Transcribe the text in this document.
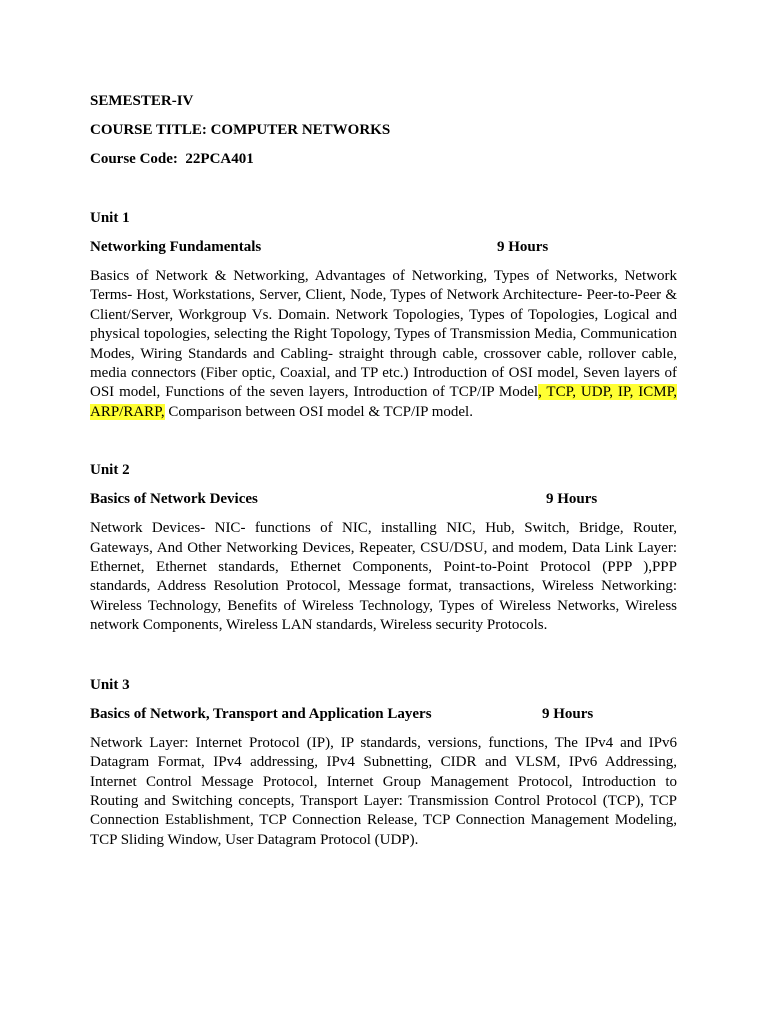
SEMESTER-IV

COURSE TITLE: COMPUTER NETWORKS

Course Code:  22PCA401

Unit 1

Networking Fundamentals	9 Hours

Basics of Network & Networking, Advantages of Networking, Types of Networks, Network Terms- Host, Workstations, Server, Client, Node, Types of Network Architecture- Peer-to-Peer & Client/Server, Workgroup Vs. Domain. Network Topologies, Types of Topologies, Logical and physical topologies, selecting the Right Topology, Types of Transmission Media, Communication Modes, Wiring Standards and Cabling- straight through cable, crossover cable, rollover cable, media connectors (Fiber optic, Coaxial, and TP etc.) Introduction of OSI model, Seven layers of OSI model, Functions of the seven layers, Introduction of TCP/IP Model, TCP, UDP, IP, ICMP, ARP/RARP, Comparison between OSI model & TCP/IP model.

Unit 2

Basics of Network Devices	9 Hours

Network Devices- NIC- functions of NIC, installing NIC, Hub, Switch, Bridge, Router, Gateways, And Other Networking Devices, Repeater, CSU/DSU, and modem, Data Link Layer: Ethernet, Ethernet standards, Ethernet Components, Point-to-Point Protocol (PPP ),PPP standards, Address Resolution Protocol, Message format, transactions, Wireless Networking: Wireless Technology, Benefits of Wireless Technology, Types of Wireless Networks, Wireless network Components, Wireless LAN standards, Wireless security Protocols.

Unit 3

Basics of Network, Transport and Application Layers	9 Hours

Network Layer: Internet Protocol (IP), IP standards, versions, functions, The IPv4 and IPv6 Datagram Format, IPv4 addressing, IPv4 Subnetting, CIDR and VLSM, IPv6 Addressing, Internet Control Message Protocol, Internet Group Management Protocol, Introduction to Routing and Switching concepts, Transport Layer: Transmission Control Protocol (TCP), TCP Connection Establishment, TCP Connection Release, TCP Connection Management Modeling, TCP Sliding Window, User Datagram Protocol (UDP).
